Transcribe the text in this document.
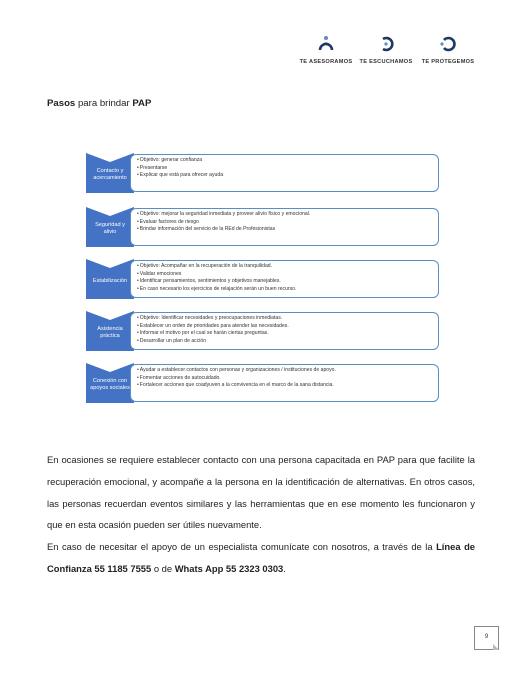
TE ASESORAMOS	TE ESCUCHAMOS	TE PROTEGEMOS
Pasos para brindar PAP
Contacto y acercamiento
• Objetivo: generar confianza
• Presentarse
• Explicar que está para ofrecer ayuda
Seguridad y alivio
• Objetivo: mejorar la seguridad inmediata y proveer alivio físico y emocional.
• Evaluar factores de riesgo
• Brindar información del servicio de la REd de Profesionistas
Estabilización
• Objetivo: Acompañar en la recuperación de la tranquilidad.
• Validar emociones
• Identificar pensamientos, sentimientos y objetivos manejables.
• En caso necesario los ejercicios de relajación serán un buen recurso.
Asistencia práctica
• Objetivo: Identificar necesidades y preocupaciones inmediatas.
• Establecer un orden de prioridades para atender las necesidades.
• Informar el motivo por el cual se harán ciertas preguntas.
• Desarrollar un plan de acción
Conexión con apoyos sociales
• Ayudar a establecer contactos con personas y organizaciones / instituciones de apoyo.
• Fomentar acciones de autocuidado.
• Fortalecer acciones que coadyuven a la convivencia en el marco de la sana distancia.

En ocasiones se requiere establecer contacto con una persona capacitada en PAP para que facilite la recuperación emocional, y acompañe a la persona en la identificación de alternativas. En otros casos, las personas recuerdan eventos similares y las herramientas que en ese momento les funcionaron y que en esta ocasión pueden ser útiles nuevamente.

En caso de necesitar el apoyo de un especialista comunícate con nosotros, a través de la Línea de Confianza 55 1185 7555 o de Whats App 55 2323 0303.

9
